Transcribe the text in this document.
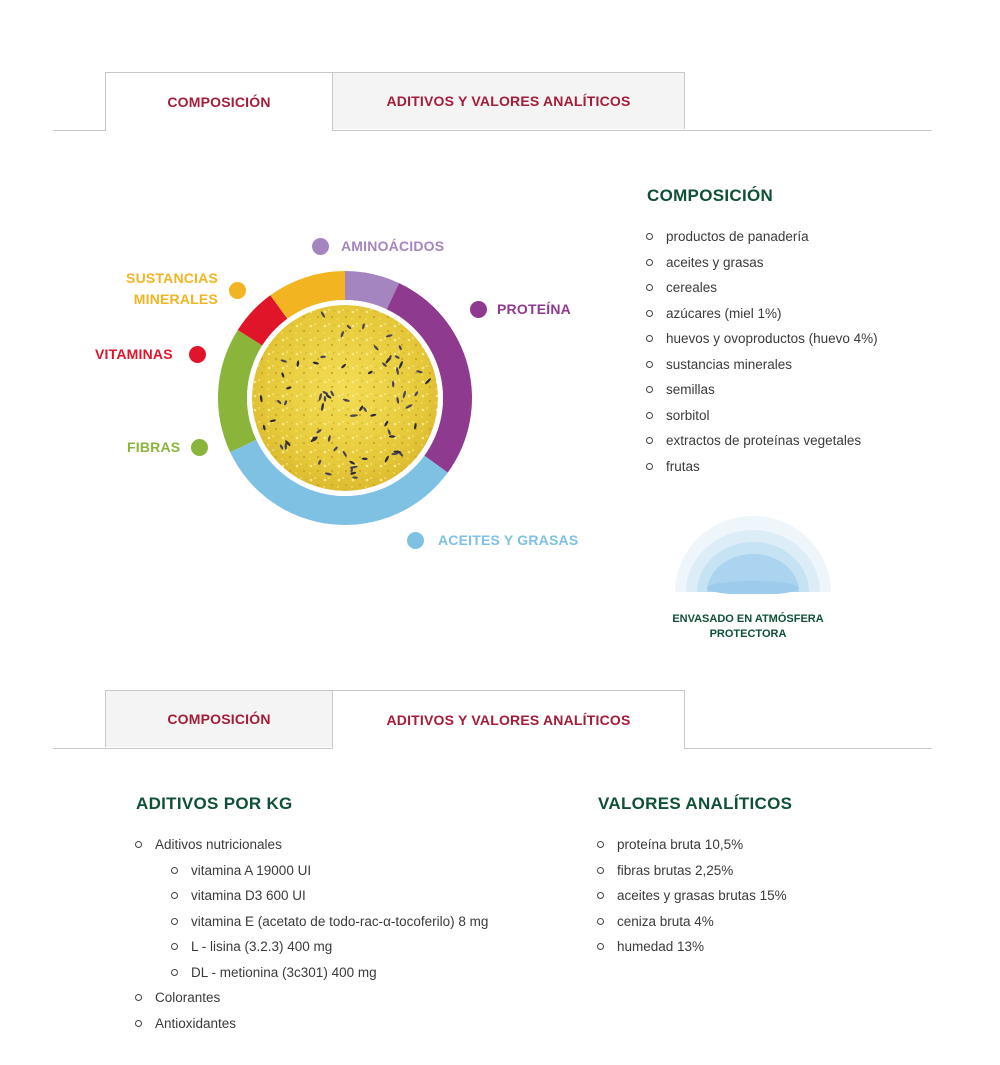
COMPOSICIÓN	ADITIVOS Y VALORES ANALÍTICOS
AMINOÁCIDOS
PROTEÍNA
ACEITES Y GRASAS
FIBRAS
VITAMINAS
SUSTANCIAS
MINERALES
COMPOSICIÓN
productos de panadería
aceites y grasas
cereales
azúcares (miel 1%)
huevos y ovoproductos (huevo 4%)
sustancias minerales
semillas
sorbitol
extractos de proteínas vegetales
frutas
ENVASADO EN ATMÓSFERA
PROTECTORA
COMPOSICIÓN	ADITIVOS Y VALORES ANALÍTICOS
ADITIVOS POR KG
Aditivos nutricionales
vitamina A 19000 UI
vitamina D3 600 UI
vitamina E (acetato de todo-rac-α-tocoferilo) 8 mg
L - lisina (3.2.3) 400 mg
DL - metionina (3c301) 400 mg
Colorantes
Antioxidantes
VALORES ANALÍTICOS
proteína bruta 10,5%
fibras brutas 2,25%
aceites y grasas brutas 15%
ceniza bruta 4%
humedad 13%
